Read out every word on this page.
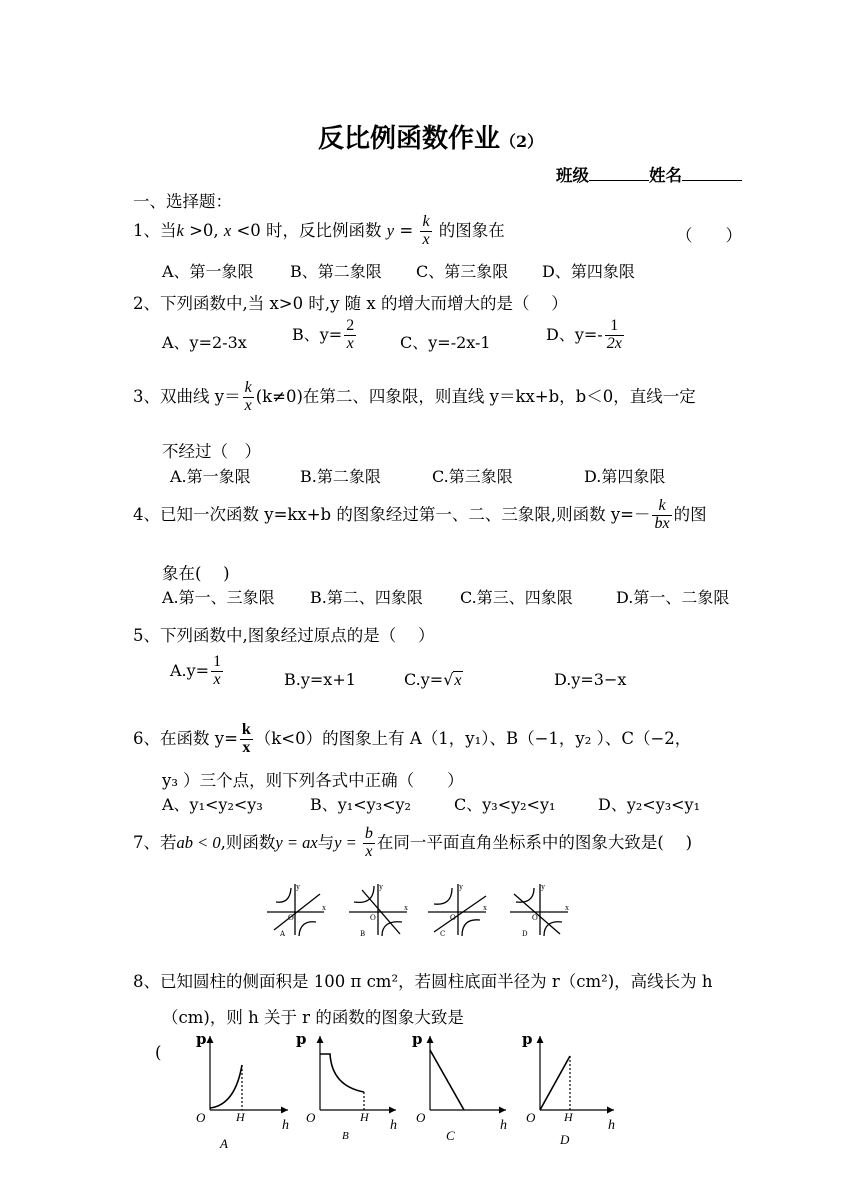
反比例函数作业（2）
班级	姓名
一、选择题：
1、当k >0, x <0 时，反比例函数 $y = \frac{k}{x}$ 的图象在	（　　）
A、第一象限 B、第二象限 C、第三象限 D、第四象限
2、下列函数中,当 x>0 时,y 随 x 的增大而增大的是（　 ）
A、y=2-3x	B、$y= \frac{2}{x}$	C、y=-2x-1	D、$y=- \frac{1}{2x}$
3、双曲线 $y= \frac{k}{x} (k\ne 0)$在第二、四象限，则直线 y＝kx+b，b＜0，直线一定
不经过（　）
A.第一象限	B.第二象限	C.第三象限	D.第四象限
4、已知一次函数 y=kx+b 的图象经过第一、二、三象限,则函数 $y=- \frac{k}{bx}$ 的图
象在(　 )
A.第一、三象限 B.第二、四象限 C.第三、四象限	D.第一、二象限
5、下列函数中,图象经过原点的是（　 ）
$A.y= \frac{1}{x}$	B.y=x+1	C.y=√x	D.y=3−x
6、在函数 $y= \frac{k}{x} (k<0)$的图象上有 A（1，y₁）、B（−1，y₂ ）、C（−2，
y₃ ）三个点，则下列各式中正确（　　）
A、y₁<y₂<y₃	B、y₁<y₃<y₂	C、y₃<y₂<y₁	D、y₂<y₃<y₁
7、若ab < 0,则函数y = ax与$y = \frac{b}{x}$ 在同一平面直角坐标系中的图象大致是(　 )
y
x
O
y
x
O
y
x
O
y
x
O
A	B	C	D
8、已知圆柱的侧面积是 100 π cm²，若圆柱底面半径为 r（cm²)，高线长为 h
（cm)，则 h 关于 r 的函数的图象大致是
(
p	p	p	p
O	H
h
A
O	H
h
B
O
h
C
O H
h
D
